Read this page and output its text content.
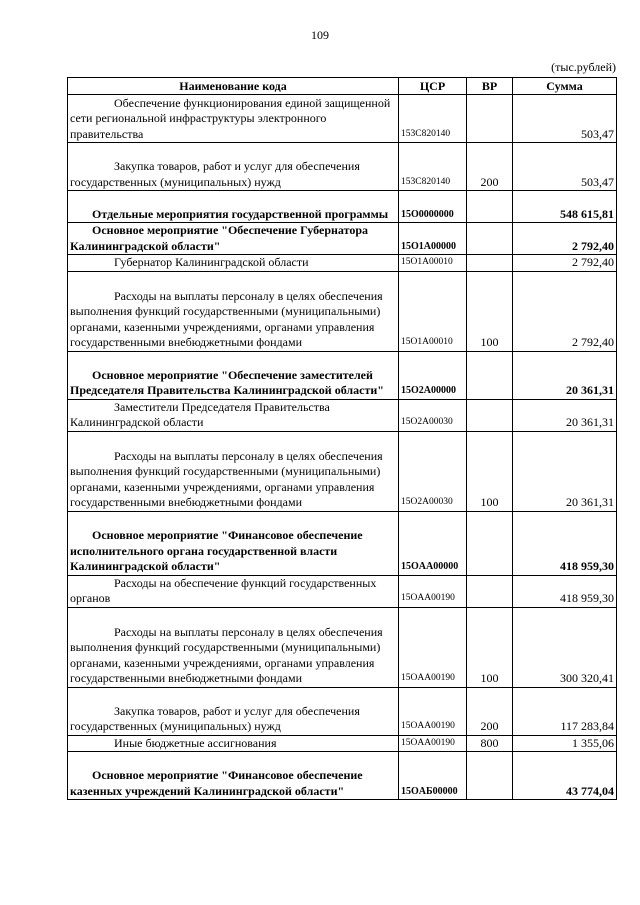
109
(тыс.рублей)
Наименование кода	ЦСР	ВР	Сумма
Обеспечение функционирования единой защищенной сети региональной инфраструктуры электронного правительства	153C820140		503,47
Закупка товаров, работ и услуг для обеспечения государственных (муниципальных) нужд	153C820140	200	503,47
Отдельные мероприятия государственной программы	15O0000000		548 615,81
Основное мероприятие "Обеспечение Губернатора Калининградской области"	15O1A00000		2 792,40
Губернатор Калининградской области	15O1A00010		2 792,40
Расходы на выплаты персоналу в целях обеспечения выполнения функций государственными (муниципальными) органами, казенными учреждениями, органами управления государственными внебюджетными фондами	15O1A00010	100	2 792,40
Основное мероприятие "Обеспечение заместителей Председателя Правительства Калининградской области"	15O2A00000		20 361,31
Заместители Председателя Правительства Калининградской области	15O2A00030		20 361,31
Расходы на выплаты персоналу в целях обеспечения выполнения функций государственными (муниципальными) органами, казенными учреждениями, органами управления государственными внебюджетными фондами	15O2A00030	100	20 361,31
Основное мероприятие "Финансовое обеспечение исполнительного органа государственной власти Калининградской области"	15OAA00000		418 959,30
Расходы на обеспечение функций государственных органов	15OAA00190		418 959,30
Расходы на выплаты персоналу в целях обеспечения выполнения функций государственными (муниципальными) органами, казенными учреждениями, органами управления государственными внебюджетными фондами	15OAA00190	100	300 320,41
Закупка товаров, работ и услуг для обеспечения государственных (муниципальных) нужд	15OAA00190	200	117 283,84
Иные бюджетные ассигнования	15OAA00190	800	1 355,06
Основное мероприятие "Финансовое обеспечение казенных учреждений Калининградской области"	15OAБ00000		43 774,04
